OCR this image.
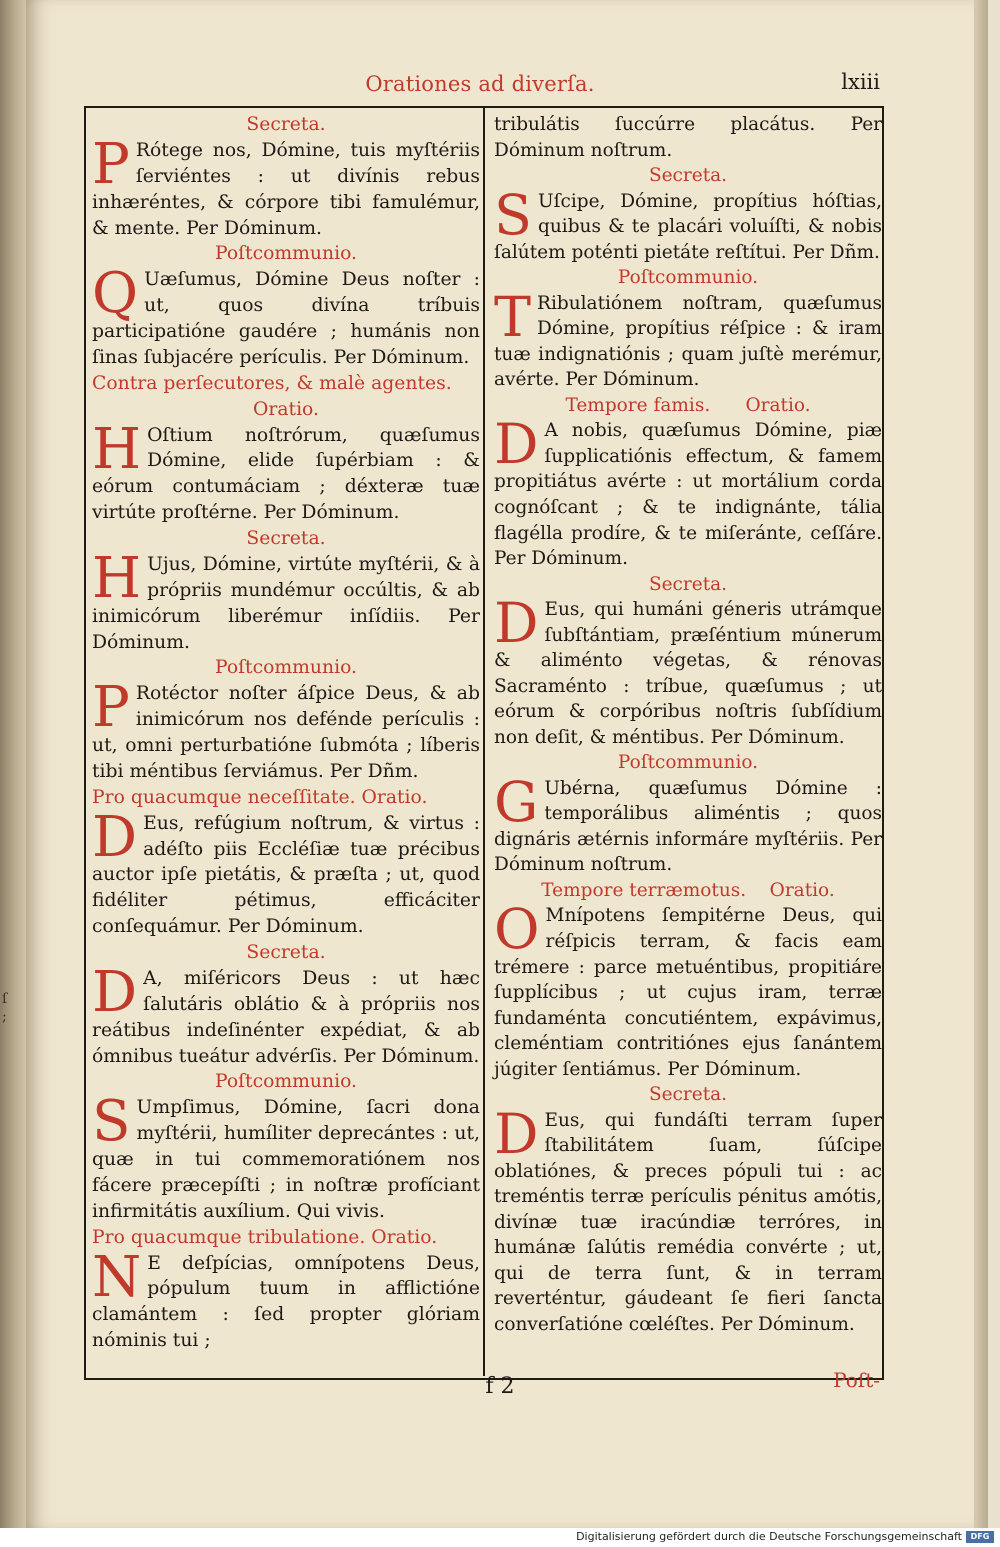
ſ ;
Orationes ad diverſa.	lxiii
Secreta.

P Rótege nos, Dómine, tuis myſtériis ſerviéntes : ut divínis rebus inhæréntes, & córpore tibi famulémur, & mente. Per Dóminum.

Poſtcommunio.

Q Uæſumus, Dómine Deus noſter : ut, quos divína tríbuis participatióne gaudére ; humánis non ſinas ſubjacére perículis. Per Dóminum.

Contra perſecutores, & malè agentes.
Oratio.

H Oſtium noſtrórum, quæſumus Dómine, elide ſupérbiam : & eórum contumáciam ; déxteræ tuæ virtúte proſtérne. Per Dóminum.

Secreta.

H Ujus, Dómine, virtúte myſtérii, & à própriis mundémur occúltis, & ab inimicórum liberémur inſídiis. Per Dóminum.

Poſtcommunio.

P Rotéctor noſter áſpice Deus, & ab inimicórum nos defénde perículis : ut, omni perturbatióne ſubmóta ; líberis tibi méntibus ſerviámus. Per Dñm.

Pro quacumque neceſſitate. Oratio.

D Eus, refúgium noſtrum, & virtus : adéſto piis Eccléſiæ tuæ précibus auctor ipſe pietátis, & præſta ; ut, quod fidéliter pétimus, efficáciter conſequámur. Per Dóminum.

Secreta.

D A, miſéricors Deus : ut hæc ſalutáris oblátio & à própriis nos reátibus indeſinénter expédiat, & ab ómnibus tueátur advérſis. Per Dóminum.

Poſtcommunio.

S Umpſimus, Dómine, ſacri dona myſtérii, humíliter deprecántes : ut, quæ in tui commemoratiónem nos fácere præcepíſti ; in noſtræ profíciant infirmitátis auxílium. Qui vivis.

Pro quacumque tribulatione. Oratio.

N E deſpícias, omnípotens Deus, pópulum tuum in afflictióne clamántem : ſed propter glóriam nóminis tui ;

tribulátis ſuccúrre placátus. Per Dóminum noſtrum.

Secreta.

S Uſcipe, Dómine, propítius hóſtias, quibus & te placári voluíſti, & nobis ſalútem poténti pietáte reſtítui. Per Dñm.

Poſtcommunio.

T Ribulatiónem noſtram, quæſumus Dómine, propítius réſpice : & iram tuæ indignatiónis ; quam juſtè merémur, avérte. Per Dóminum.

Tempore famis.      Oratio.

D A nobis, quæſumus Dómine, piæ ſupplicatiónis effectum, & famem propitiátus avérte : ut mortálium corda cognóſcant ; & te indignánte, tália flagélla prodíre, & te miſeránte, ceſſáre. Per Dóminum.

Secreta.

D Eus, qui humáni géneris utrámque ſubſtántiam, præſéntium múnerum & aliménto végetas, & rénovas Sacraménto : tríbue, quæſumus ; ut eórum & corpóribus noſtris ſubſídium non deſit, & méntibus. Per Dóminum.

Poſtcommunio.

G Ubérna, quæſumus Dómine : temporálibus aliméntis ; quos dignáris ætérnis informáre myſtériis. Per Dóminum noſtrum.

Tempore terræmotus.    Oratio.

O Mnípotens ſempitérne Deus, qui réſpicis terram, & facis eam trémere : parce metuéntibus, propitiáre ſupplícibus ; ut cujus iram, terræ fundaménta concutiéntem, expávimus, cleméntiam contritiónes ejus ſanántem júgiter ſentiámus. Per Dóminum.

Secreta.

D Eus, qui fundáſti terram ſuper ſtabilitátem ſuam, ſúſcipe oblatiónes, & preces pópuli tui : ac treméntis terræ perículis pénitus amótis, divínæ tuæ iracúndiæ terróres, in humánæ ſalútis remédia convérte ; ut, qui de terra ſunt, & in terram reverténtur, gáudeant ſe fieri ſancta converſatióne cœléſtes. Per Dóminum.

f 2	Poſt-
Digitalisierung gefördert durch die Deutsche Forschungsgemeinschaft	DFG
